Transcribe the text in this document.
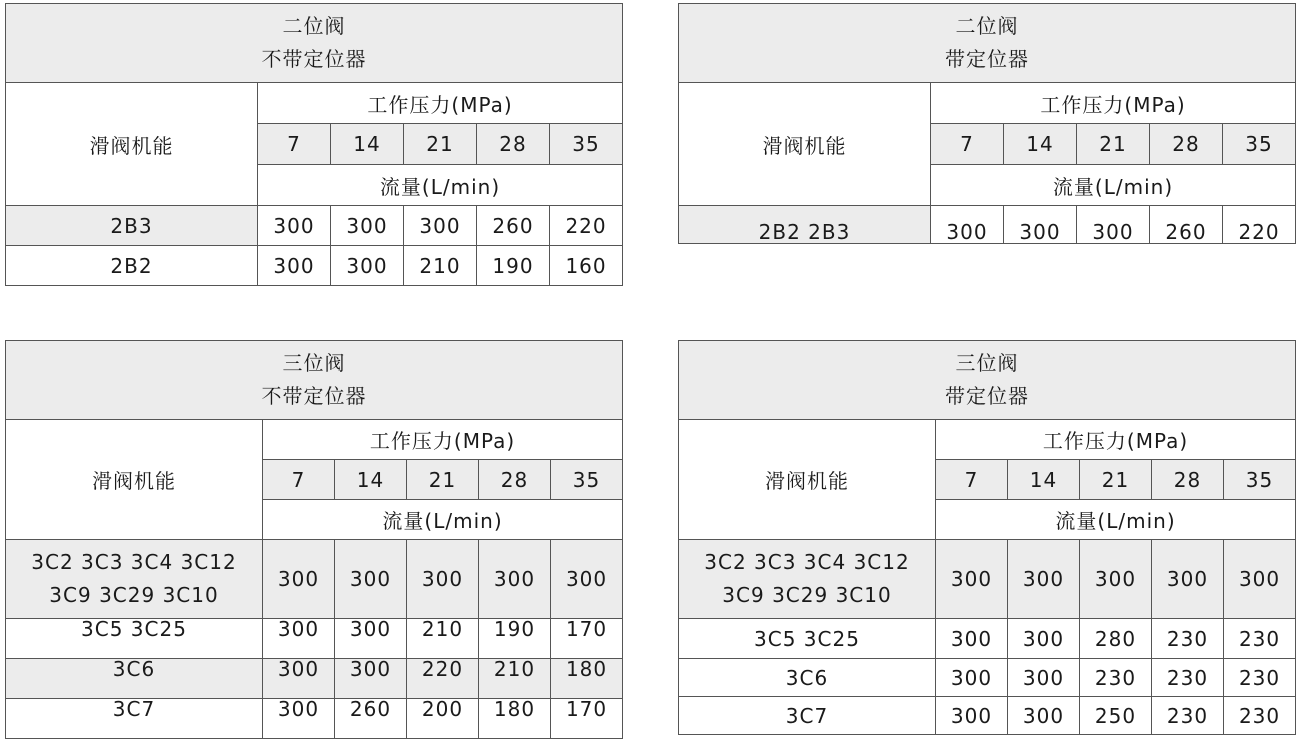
二位阀
不带定位器					

滑阀机能	工作压力(MPa)				
	7	14	21	28	35
	流量(L/min)				
2B3	300	300	300	260	220
2B2	300	300	210	190	160
二位阀
带定位器					

滑阀机能	工作压力(MPa)				
	7	14	21	28	35
	流量(L/min)				
2B2 2B3	300	300	300	260	220
三位阀
不带定位器					

滑阀机能	工作压力(MPa)				
	7	14	21	28	35
	流量(L/min)				

3C2 3C3 3C4 3C12
3C9 3C29 3C10	300	300	300	300	300
3C5 3C25	300	300	210	190	170
3C6	300	300	220	210	180
3C7	300	260	200	180	170
三位阀
带定位器					

滑阀机能	工作压力(MPa)				
	7	14	21	28	35
	流量(L/min)				

3C2 3C3 3C4 3C12
3C9 3C29 3C10	300	300	300	300	300
3C5 3C25	300	300	280	230	230
3C6	300	300	230	230	230
3C7	300	300	250	230	230
